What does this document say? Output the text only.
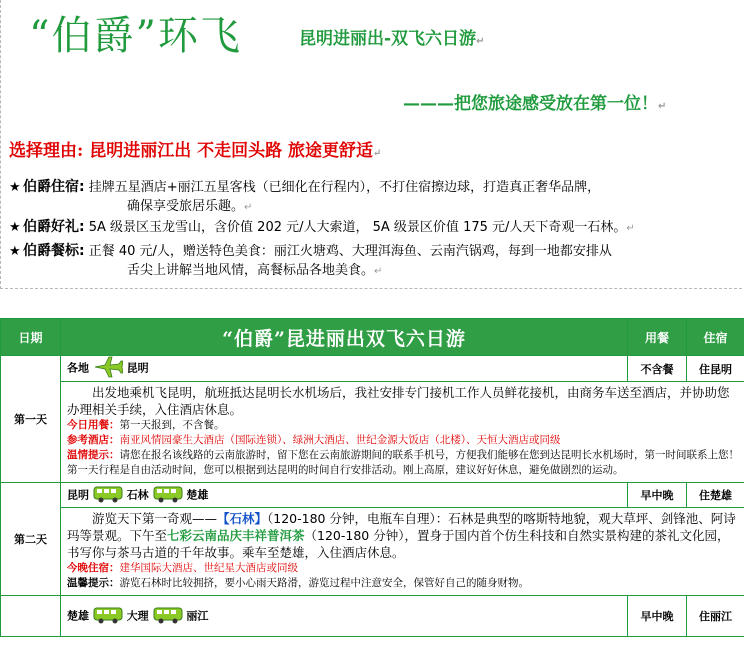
“伯爵”环飞	昆明进丽出-双飞六日游↵
———把您旅途感受放在第一位！↵
选择理由: 昆明进丽江出 不走回头路 旅途更舒适↵
★ 伯爵住宿: 挂牌五星酒店+丽江五星客栈（已细化在行程内），不打住宿擦边球，打造真正奢华品牌，
确保享受旅居乐趣。↵
★ 伯爵好礼: 5A 级景区玉龙雪山，含价值 202 元/人大索道， 5A 级景区价值 175 元/人天下奇观一石林。↵
★ 伯爵餐标: 正餐 40 元/人，赠送特色美食：丽江火塘鸡、大理洱海鱼、云南汽锅鸡，每到一地都安排从
舌尖上讲解当地风情，高餐标品各地美食。↵
日期	“伯爵”昆进丽出双飞六日游	用餐	住宿
第一天	各地 昆明	不含餐	住昆明

	出发地乘机飞昆明，航班抵达昆明长水机场后，我社安排专门接机工作人员鲜花接机，由商务车送至酒店，并协助您办理相关手续，入住酒店休息。
今日用餐：第一天报到，不含餐。
参考酒店：南亚风情园豪生大酒店（国际连锁）、绿洲大酒店、世纪金源大饭店（北楼）、天恒大酒店或同级
温情提示：请您在报名该线路的云南旅游时，留下您在云南旅游期间的联系手机号，方便我们能够在您到达昆明长水机场时，第一时间联系上您！第一天行程是自由活动时间，您可以根据到达昆明的时间自行安排活动。刚上高原，建议好好休息，避免做剧烈的运动。		

第二天	昆明 石林 楚雄	早中晚	住楚雄

	游览天下第一奇观——【石林】（120-180 分钟，电瓶车自理）：石林是典型的喀斯特地貌，观大草坪、剑锋池、阿诗玛等景观。下午至七彩云南品庆丰祥普洱茶（120-180 分钟），置身于国内首个仿生科技和自然实景构建的茶礼文化园，书写你与茶马古道的千年故事。乘车至楚雄，入住酒店休息。
今晚住宿：建华国际大酒店、世纪星大酒店或同级
温馨提示：游览石林时比较拥挤，要小心雨天路滑，游览过程中注意安全，保管好自己的随身财物。		

	楚雄 大理 丽江	早中晚	住丽江
